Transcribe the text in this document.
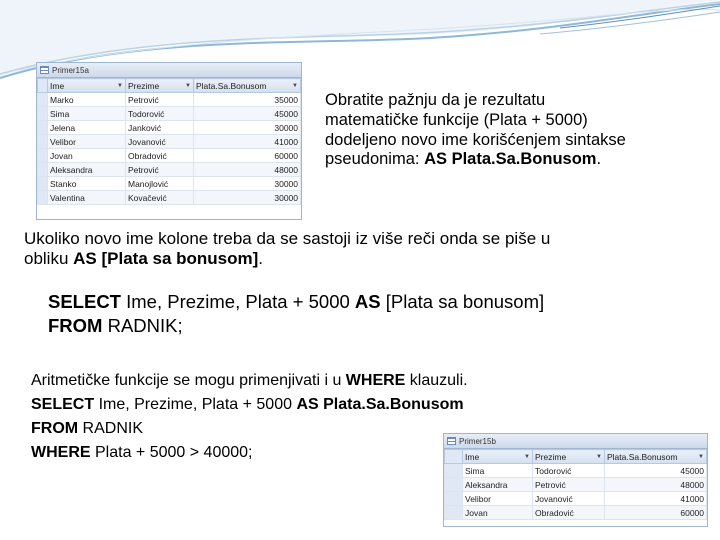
Primer15a
	Ime ▼	Prezime ▼	Plata.Sa.Bonusom ▼

	Marko	Petrović	35000
	Sima	Todorović	45000
	Jelena	Janković	30000
	Velibor	Jovanović	41000
	Jovan	Obradović	60000
	Aleksandra	Petrović	48000
	Stanko	Manojlović	30000
	Valentina	Kovačević	30000
Obratite pažnju da je rezultatu
matematičke funkcije (Plata + 5000)
dodeljeno novo ime korišćenjem sintakse
pseudonima: AS Plata.Sa.Bonusom.
Ukoliko novo ime kolone treba da se sastoji iz više reči onda se piše u
obliku AS [Plata sa bonusom].
SELECT Ime, Prezime, Plata + 5000 AS [Plata sa bonusom]
FROM RADNIK;
Aritmetičke funkcije se mogu primenjivati i u WHERE klauzuli.
SELECT Ime, Prezime, Plata + 5000 AS Plata.Sa.Bonusom
FROM RADNIK
WHERE Plata + 5000 > 40000;
Primer15b
	Ime ▼	Prezime ▼	Plata.Sa.Bonusom ▼

	Sima	Todorović	45000
	Aleksandra	Petrović	48000
	Velibor	Jovanović	41000
	Jovan	Obradović	60000
